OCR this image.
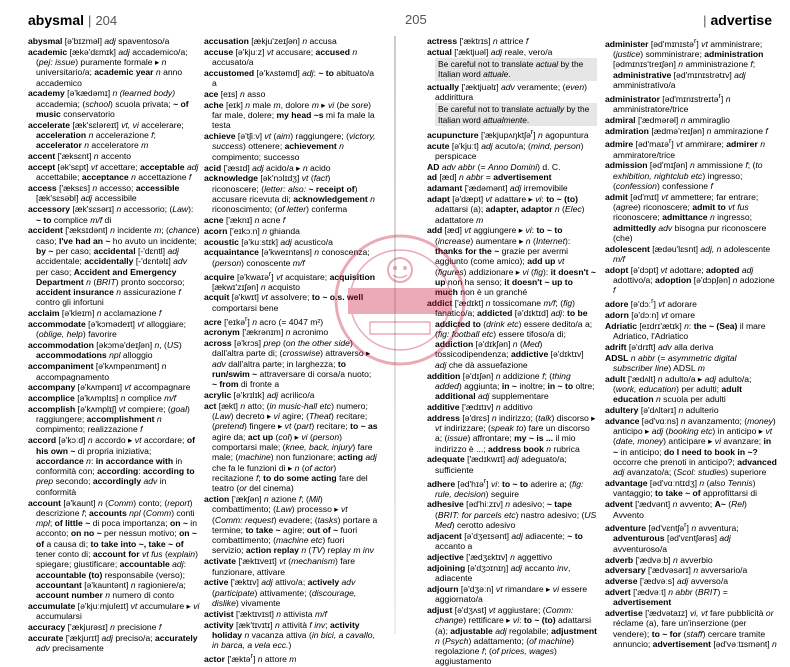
abysmal | 204
abysmal [ə'bɪzməl] adj spaventoso/a
academic [ækə'dɛmɪk] adj accademico/a; (pej: issue) puramente formale ▸ n universitario/a; academic year n anno accademico
academy [ə'kædəmɪ] n (learned body) accademia; (school) scuola privata; ~ of music conservatorio
accelerate [æk'sɛləreɪt] vt, vi accelerare; acceleration n accelerazione f; accelerator n acceleratore m
accent ['æksɛnt] n accento
accept [ək'sɛpt] vt accettare; acceptable adj accettabile; acceptance n accettazione f
access ['æksɛs] n accesso; accessible [æk'sɛsəbl] adj accessibile
accessory [æk'sɛsərɪ] n accessorio; (Law): ~ to complice m/f di
accident ['æksɪdənt] n incidente m; (chance) caso; I've had an ~ ho avuto un incidente; by ~ per caso; accidental [-'dɛntl] adj accidentale; accidentally [-'dɛntəlɪ] adv per caso; Accident and Emergency Department n (BRIT) pronto soccorso; accident insurance n assicurazione f contro gli infortuni
acclaim [ə'kleɪm] n acclamazione f
accommodate [ə'kɔmədeɪt] vt alloggiare; (oblige, help) favorire
accommodation [əkɔmə'deɪʃən] n, (US) accommodations npl alloggio
accompaniment [ə'kʌmpənɪmənt] n accompagnamento
accompany [ə'kʌmpənɪ] vt accompagnare
accomplice [ə'kʌmplɪs] n complice m/f
accomplish [ə'kʌmplɪʃ] vt compiere; (goal) raggiungere; accomplishment n compimento; realizzazione f
accord [ə'kɔːd] n accordo ▸ vt accordare; of his own ~ di propria iniziativa; accordance n: in accordance with in conformità con; according: according to prep secondo; accordingly adv in conformità
account [ə'kaunt] n (Comm) conto; (report) descrizione f; accounts npl (Comm) conti mpl; of little ~ di poca importanza; on ~ in acconto; on no ~ per nessun motivo; on ~ of a causa di; to take into ~, take ~ of tener conto di; account for vt fus (explain) spiegare; giustificare; accountable adj: accountable (to) responsabile (verso); accountant [ə'kauntənt] n ragioniere/a; account number n numero di conto
accumulate [ə'kjuːmjuleɪt] vt accumulare ▸ vi accumularsi
accuracy ['ækjurəsɪ] n precisione f
accurate ['ækjurɪt] adj preciso/a; accurately adv precisamente
accusation [ækju'zeɪʃən] n accusa
accuse [ə'kjuːz] vt accusare; accused n accusato/a
accustomed [ə'kʌstəmd] adj: ~ to abituato/a a
ace [eɪs] n asso
ache [eɪk] n male m, dolore m ▸ vi (be sore) far male, dolere; my head ~s mi fa male la testa
achieve [ə'tʃiːv] vt (aim) raggiungere; (victory, success) ottenere; achievement n compimento; successo
acid ['æsɪd] adj acido/a ▸ n acido
acknowledge [ək'nɔlɪdʒ] vt (fact) riconoscere; (letter: also: ~ receipt of) accusare ricevuta di; acknowledgement n riconoscimento; (of letter) conferma
acne ['æknɪ] n acne f
acorn ['eɪkɔːn] n ghianda
acoustic [ə'kuːstɪk] adj acustico/a
acquaintance [ə'kweɪntəns] n conoscenza; (person) conoscente m/f
acquire [ə'kwaɪə$^r$] vt acquistare; acquisition [ækwɪ'zɪʃən] n acquisto
acquit [ə'kwɪt] vt assolvere; to ~ o.s. well comportarsi bene
acre ['eɪkə$^r$] n acro (= 4047 m²)
acronym ['ækrənɪm] n acronimo
across [ə'krɔs] prep (on the other side) dall'altra parte di; (crosswise) attraverso ▸ adv dall'altra parte; in larghezza; to run/swim ~ attraversare di corsa/a nuoto; ~ from di fronte a
acrylic [ə'krɪlɪk] adj acrilico/a
act [ækt] n atto; (in music-hall etc) numero; (Law) decreto ▸ vi agire; (Theat) recitare; (pretend) fingere ▸ vt (part) recitare; to ~ as agire da; act up (col) ▸ vi (person) comportarsi male; (knee, back, injury) fare male; (machine) non funzionare; acting adj che fa le funzioni di ▸ n (of actor) recitazione f; to do some acting fare del teatro (or del cinema)
action ['ækʃən] n azione f; (Mil) combattimento; (Law) processo ▸ vt (Comm: request) evadere; (tasks) portare a termine; to take ~ agire; out of ~ fuori combattimento; (machine etc) fuori servizio; action replay n (TV) replay m inv
activate ['æktɪveɪt] vt (mechanism) fare funzionare, attivare
active ['æktɪv] adj attivo/a; actively adv (participate) attivamente; (discourage, dislike) vivamente
activist ['æktɪvɪst] n attivista m/f
activity [æk'tɪvɪtɪ] n attività f inv; activity holiday n vacanza attiva (in bici, a cavallo, in barca, a vela ecc.)
actor ['æktə$^r$] n attore m
205	| advertise
actress ['æktrɪs] n attrice f
actual ['æktjuəl] adj reale, vero/a
Be careful not to translate actual by the Italian word attuale.
actually ['æktjuəlɪ] adv veramente; (even) addirittura
Be careful not to translate actually by the Italian word attualmente.
acupuncture ['ækjupʌŋktʃə$^r$] n agopuntura
acute [ə'kjuːt] adj acuto/a; (mind, person) perspicace
AD adv abbr (= Anno Domini) d. C.
ad [æd] n abbr = advertisement
adamant ['ædəmənt] adj irremovibile
adapt [ə'dæpt] vt adattare ▸ vi: to ~ (to) adattarsi (a); adapter, adaptor n (Elec) adattatore m
add [æd] vt aggiungere ▸ vi: to ~ to (increase) aumentare ▸ n (Internet): thanks for the ~ grazie per avermi aggiunto (come amico); add up vt (figures) addizionare ▸ vi (fig): it doesn't ~ up non ha senso; it doesn't ~ up to much non è un granché
addict ['ædɪkt] n tossicomane m/f; (fig) fanatico/a; addicted [ə'dɪktɪd] adj: to be addicted to (drink etc) essere dedito/a a; (fig: football etc) essere tifoso/a di; addiction [ə'dɪkʃən] n (Med) tossicodipendenza; addictive [ə'dɪktɪv] adj che dà assuefazione
addition [ə'dɪʃən] n addizione f; (thing added) aggiunta; in ~ inoltre; in ~ to oltre; additional adj supplementare
additive ['ædɪtɪv] n additivo
address [ə'drɛs] n indirizzo; (talk) discorso ▸ vt indirizzare; (speak to) fare un discorso a; (issue) affrontare; my ~ is ... il mio indirizzo è ...; address book n rubrica
adequate ['ædɪkwɪt] adj adeguato/a; sufficiente
adhere [əd'hɪə$^r$] vi: to ~ to aderire a; (fig: rule, decision) seguire
adhesive [əd'hiːzɪv] n adesivo; ~ tape (BRIT: for parcels etc) nastro adesivo; (US Med) cerotto adesivo
adjacent [ə'dʒeɪsənt] adj adiacente; ~ to accanto a
adjective ['ædʒɛktɪv] n aggettivo
adjoining [ə'dʒɔɪnɪŋ] adj accanto inv, adiacente
adjourn [ə'dʒəːn] vt rimandare ▸ vi essere aggiornato/a
adjust [ə'dʒʌst] vt aggiustare; (Comm: change) rettificare ▸ vi: to ~ (to) adattarsi (a); adjustable adj regolabile; adjustment n (Psych) adattamento; (of machine) regolazione f; (of prices, wages) aggiustamento
administer [əd'mɪnɪstə$^r$] vt amministrare; (justice) somministrare; administration [ədmɪnɪs'treɪʃən] n amministrazione f; administrative [əd'mɪnɪstrətɪv] adj amministrativo/a
administrator [əd'mɪnɪstreɪtə$^r$] n amministratore/trice
admiral ['ædmərəl] n ammiraglio
admiration [ædmə'reɪʃən] n ammirazione f
admire [əd'maɪə$^r$] vt ammirare; admirer n ammiratore/trice
admission [əd'mɪʃən] n ammissione f; (to exhibition, nightclub etc) ingresso; (confession) confessione f
admit [əd'mɪt] vt ammettere; far entrare; (agree) riconoscere; admit to vt fus riconoscere; admittance n ingresso; admittedly adv bisogna pur riconoscere (che)
adolescent [ædəu'lɛsnt] adj, n adolescente m/f
adopt [ə'dɔpt] vt adottare; adopted adj adottivo/a; adoption [ə'dɔpʃən] n adozione f
adore [ə'dɔː$^r$] vt adorare
adorn [ə'dɔːn] vt ornare
Adriatic [eɪdrɪ'ætɪk] n: the ~ (Sea) il mare Adriatico, l'Adriatico
adrift [ə'drɪft] adv alla deriva
ADSL n abbr (= asymmetric digital subscriber line) ADSL m
adult ['ædʌlt] n adulto/a ▸ adj adulto/a; (work, education) per adulti; adult education n scuola per adulti
adultery [ə'dʌltərɪ] n adulterio
advance [əd'vɑːns] n avanzamento; (money) anticipo ▸ adj (booking etc) in anticipo ▸ vt (date, money) anticipare ▸ vi avanzare; in ~ in anticipo; do I need to book in ~? occorre che prenoti in anticipo?; advanced adj avanzato/a; (Scol: studies) superiore
advantage [əd'vɑːntɪdʒ] n (also Tennis) vantaggio; to take ~ of approfittarsi di
advent ['ædvənt] n avvento; A~ (Rel) Avvento
adventure [əd'vɛntʃə$^r$] n avventura; adventurous [əd'vɛntʃərəs] adj avventuroso/a
adverb ['ædvəːb] n avverbio
adversary ['ædvəsərɪ] n avversario/a
adverse ['ædvəːs] adj avverso/a
advert ['ædvəːt] n abbr (BRIT) = advertisement
advertise ['ædvətaɪz] vi, vt fare pubblicità or réclame (a), fare un'inserzione (per vendere); to ~ for (staff) cercare tramite annuncio; advertisement [əd'vəːtɪsmənt] n
